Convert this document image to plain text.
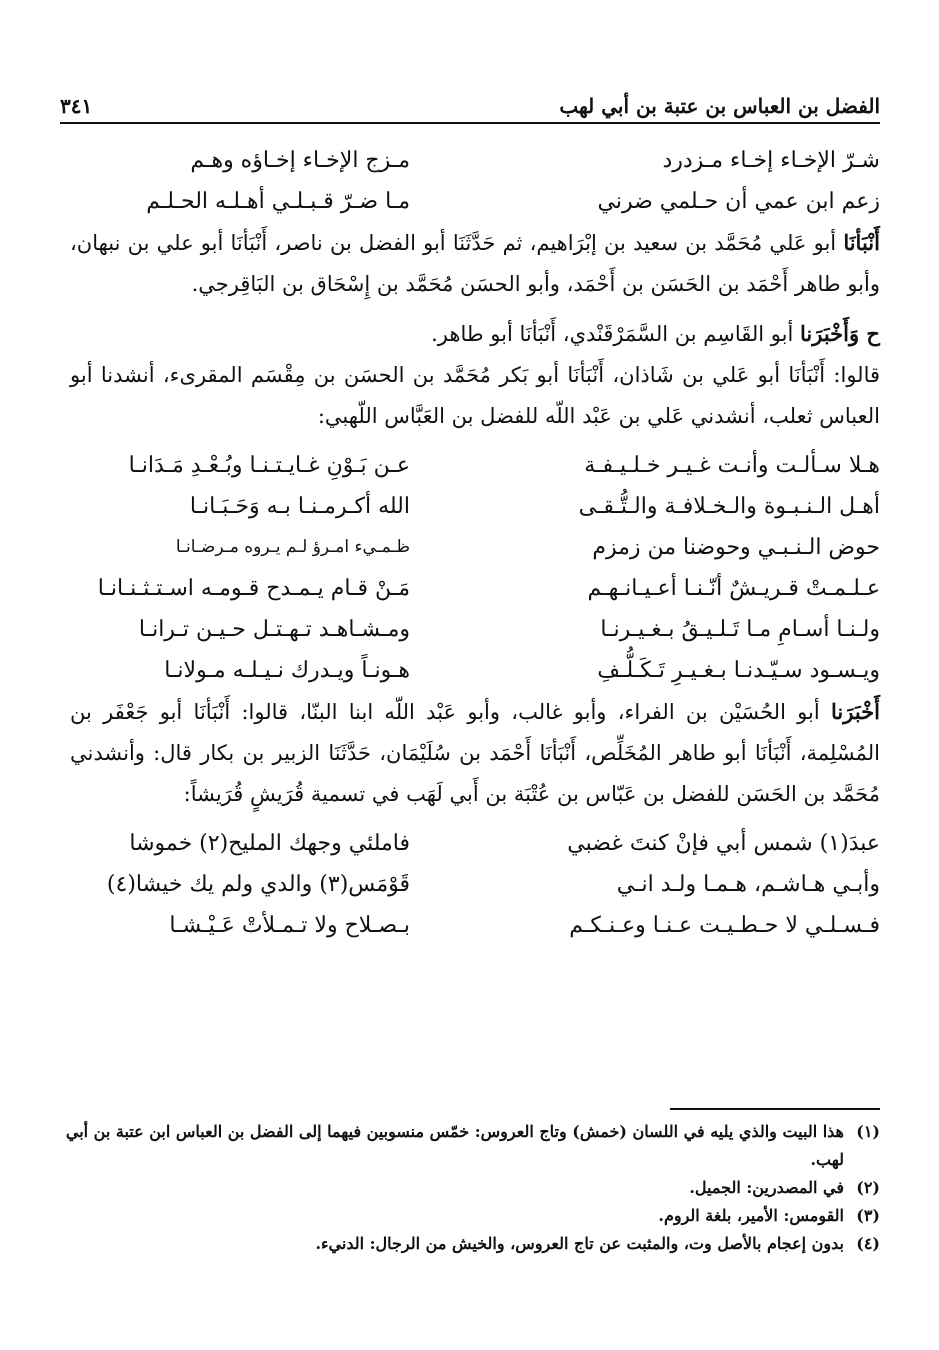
الفضل بن العباس بن عتبة بن أبي لهب
٣٤١
شـرّ الإخـاء إخـاء مـزدرد
مـزج الإخـاء إخـاؤه وهـم
زعم ابن عمي أن حـلمي ضرني
مـا ضـرّ قـبـلـي أهـلـه الحـلـم

أَنْبَأنَا أبو عَلي مُحَمَّد بن سعيد بن إبْرَاهيم، ثم حَدَّثَنَا أبو الفضل بن ناصر، أَنْبَأنَا أبو علي بن نبهان، وأبو طاهر أَحْمَد بن الحَسَن بن أَحْمَد، وأبو الحسَن مُحَمَّد بن إِسْحَاق بن البَاقِرجي.

ح وَأَخْبَرَنا أبو القَاسِم بن السَّمَرْقَنْدي، أَنْبَأنَا أبو طاهر.

قالوا: أَنْبَأنَا أبو عَلي بن شَاذان، أَنْبَأنَا أبو بَكر مُحَمَّد بن الحسَن بن مِقْسَم المقرىء، أنشدنا أبو العباس ثعلب، أنشدني عَلي بن عَبْد اللّه للفضل بن العَبَّاس اللّهبي:

هـلا سـألـت وأنـت غـيـر خـلـيـفـة
عـن بَـوْنِ غـايـتـنـا وبُـعْـدِ مَـدَانـا
أهـل الـنـبـوة والـخـلافـة والـتُّـقـى
الله أكـرمـنـا بـه وَحَـبَـانـا
حوض الـنـبـي وحوضنا من زمزم
ظـمـيء امـرؤ لـم يـروه مـرضـانـا
عـلـمـتْ قـريـشٌ أنّـنـا أعـيـانـهـم
مَـنْ قـام يـمـدح قـومـه اسـتـثـنـانـا
ولـنـا أسـامِ مـا تَـلـيـقُ بـغـيـرنـا
ومـشـاهـد تـهـتـل حـيـن تـرانـا
ويـسـود سـيّـدنـا بـغـيـرِ تَـكَـلُّـفِ
هـونـاً ويـدرك نـيـلـه مـولانـا

أَخْبَرَنا أبو الحُسَيْن بن الفراء، وأبو غالب، وأبو عَبْد اللّه ابنا البنّا، قالوا: أَنْبَأنَا أبو جَعْفَر بن المُسْلِمة، أَنْبَأنَا أبو طاهر المُخَلِّص، أَنْبَأنَا أَحْمَد بن سُلَيْمَان، حَدَّثَنَا الزبير بن بكار قال: وأنشدني مُحَمَّد بن الحَسَن للفضل بن عَبّاس بن عُتْبَة بن أَبي لَهَب في تسمية قُرَيشٍ قُرَيشاً:

عبدَ(١) شمس أبي فإنْ كنتَ غضبي
فاملئي وجهك المليح(٢) خموشا
وأبـي هـاشـم، هـمـا ولـد انـي
قَوْمَس(٣) والدي ولم يك خيشا(٤)
فـسـلـي لا حـطـيـت عـنـا وعـنـكـم
بـصـلاح ولا تـمـلأتْ عَـيْـشـا
(١)
هذا البيت والذي يليه في اللسان (خمش) وتاج العروس: خمّس منسوبين فيهما إلى الفضل بن العباس ابن عتبة بن أبي لهب.
(٢)
في المصدرين: الجميل.
(٣)
القومس: الأمير، بلغة الروم.
(٤)
بدون إعجام بالأصل وت، والمثبت عن تاج العروس، والخيش من الرجال: الدنيء.
